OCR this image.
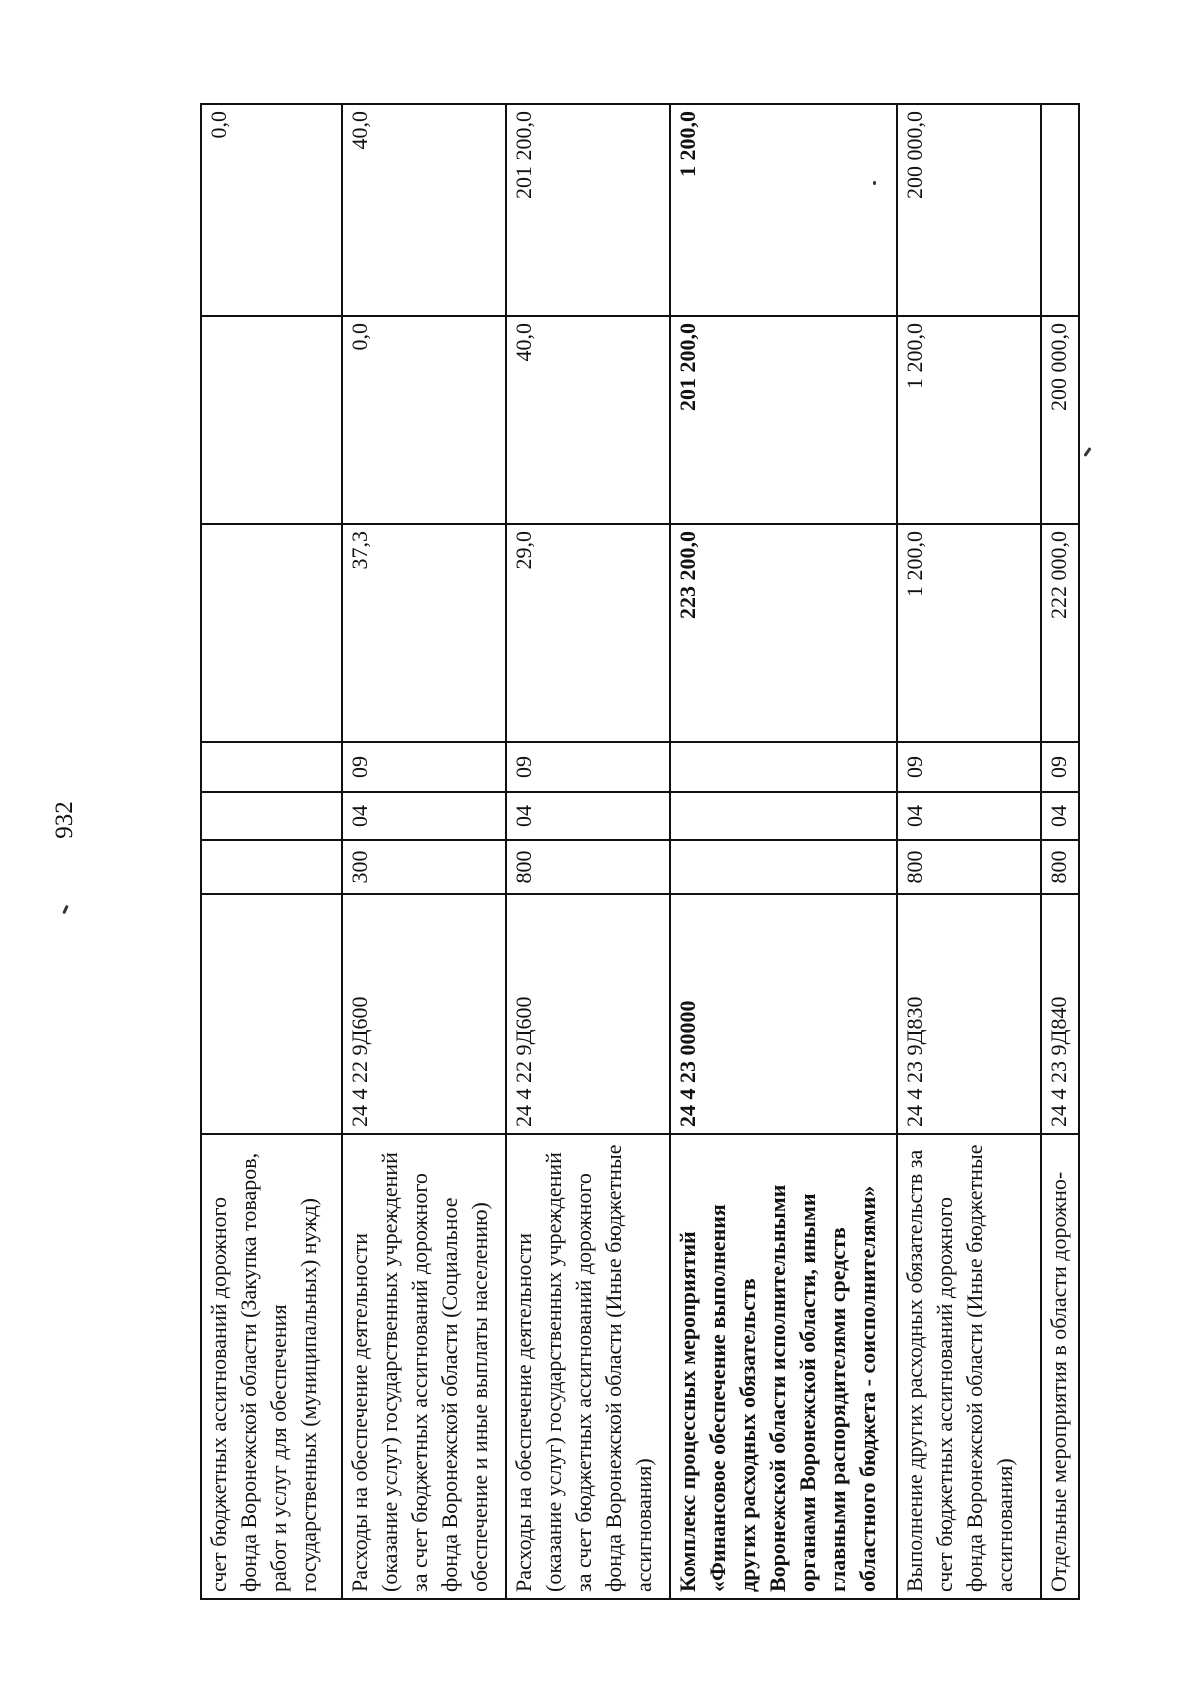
932
счет бюджетных ассигнований дорожного фонда Воронежской области (Закупка товаров, работ и услуг для обеспечения государственных (муниципальных) нужд)							0,0
Расходы на обеспечение деятельности (оказание услуг) государственных учреждений за счет бюджетных ассигнований дорожного фонда Воронежской области (Социальное обеспечение и иные выплаты населению)	24 4 22 9Д600	300	04	09	37,3	0,0	40,0
Расходы на обеспечение деятельности (оказание услуг) государственных учреждений за счет бюджетных ассигнований дорожного фонда Воронежской области (Иные бюджетные ассигнования)	24 4 22 9Д600	800	04	09	29,0	40,0	201 200,0
Комплекс процессных мероприятий «Финансовое обеспечение выполнения других расходных обязательств Воронежской области исполнительными органами Воронежской области, иными главными распорядителями средств областного бюджета - соисполнителями»	24 4 23 00000				223 200,0	201 200,0	1 200,0
Выполнение других расходных обязательств за счет бюджетных ассигнований дорожного фонда Воронежской области (Иные бюджетные ассигнования)	24 4 23 9Д830	800	04	09	1 200,0	1 200,0	200 000,0
Отдельные мероприятия в области дорожно-	24 4 23 9Д840	800	04	09	222 000,0	200 000,0	
